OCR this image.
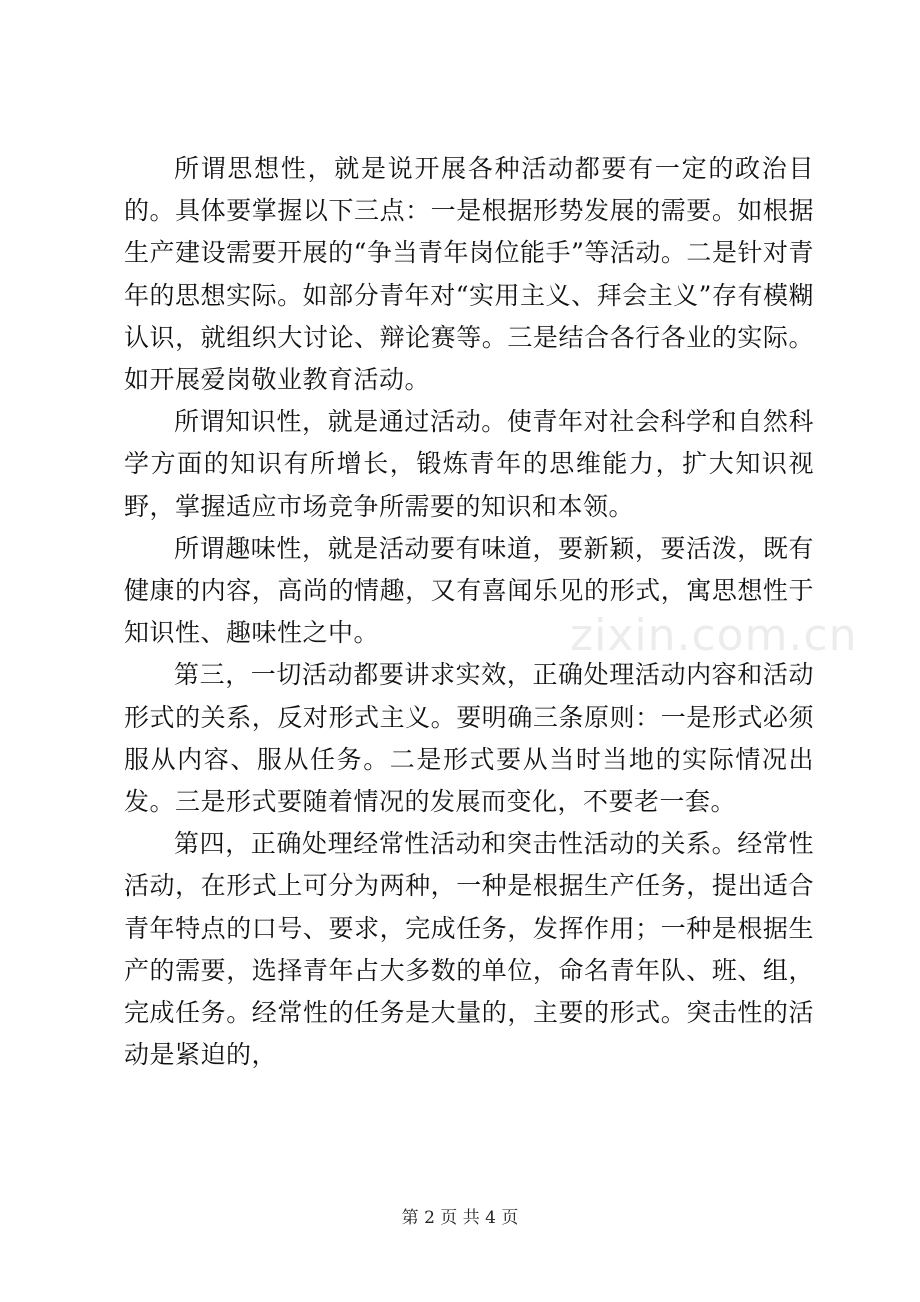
所谓思想性，就是说开展各种活动都要有一定的政治目的。具体要掌握以下三点：一是根据形势发展的需要。如根据生产建设需要开展的“争当青年岗位能手”等活动。二是针对青年的思想实际。如部分青年对“实用主义、拜会主义”存有模糊认识，就组织大讨论、辩论赛等。三是结合各行各业的实际。如开展爱岗敬业教育活动。

所谓知识性，就是通过活动。使青年对社会科学和自然科学方面的知识有所增长，锻炼青年的思维能力，扩大知识视野，掌握适应市场竞争所需要的知识和本领。

所谓趣味性，就是活动要有味道，要新颖，要活泼，既有健康的内容，高尚的情趣，又有喜闻乐见的形式，寓思想性于知识性、趣味性之中。

第三，一切活动都要讲求实效，正确处理活动内容和活动形式的关系，反对形式主义。要明确三条原则：一是形式必须服从内容、服从任务。二是形式要从当时当地的实际情况出发。三是形式要随着情况的发展而变化，不要老一套。

第四，正确处理经常性活动和突击性活动的关系。经常性活动，在形式上可分为两种，一种是根据生产任务，提出适合青年特点的口号、要求，完成任务，发挥作用；一种是根据生产的需要，选择青年占大多数的单位，命名青年队、班、组，完成任务。经常性的任务是大量的，主要的形式。突击性的活动是紧迫的，

zixin.com.cn
第 2 页 共 4 页
